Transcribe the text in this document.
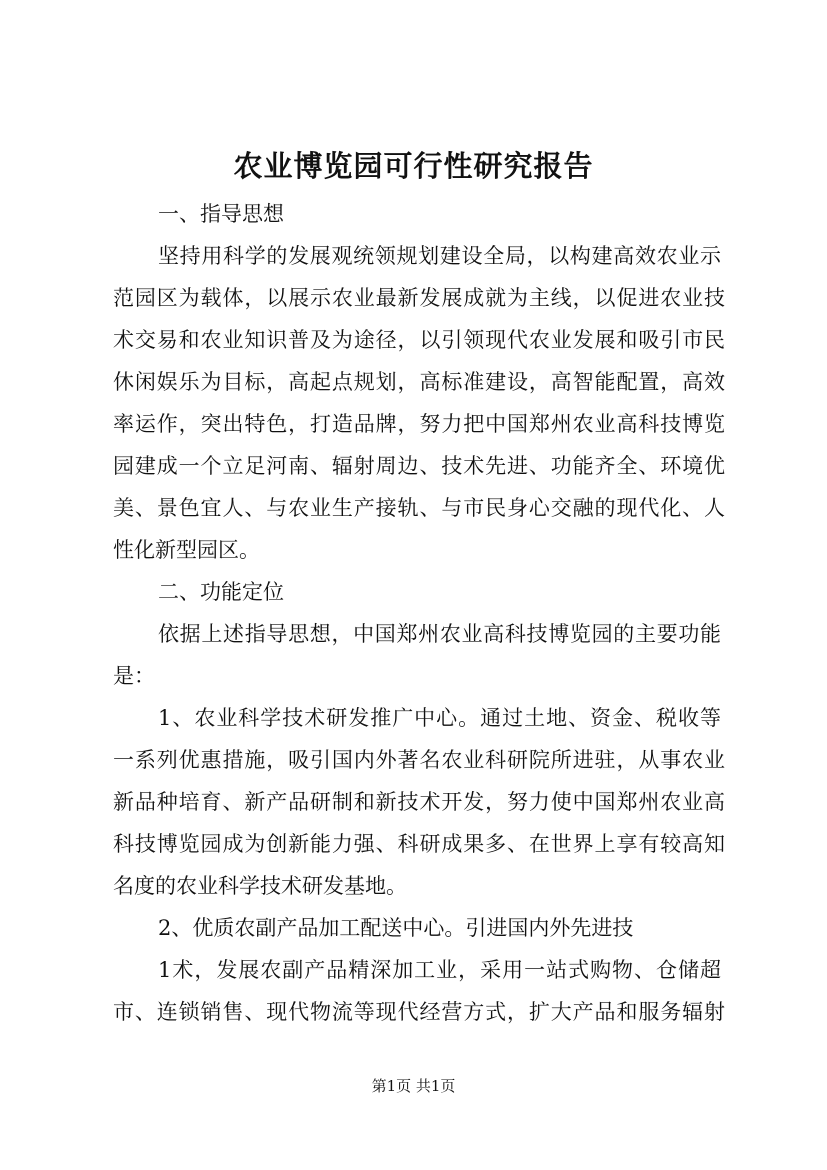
农业博览园可行性研究报告
一、指导思想
坚持用科学的发展观统领规划建设全局，以构建高效农业示
范园区为载体，以展示农业最新发展成就为主线，以促进农业技
术交易和农业知识普及为途径，以引领现代农业发展和吸引市民
休闲娱乐为目标，高起点规划，高标准建设，高智能配置，高效
率运作，突出特色，打造品牌，努力把中国郑州农业高科技博览
园建成一个立足河南、辐射周边、技术先进、功能齐全、环境优
美、景色宜人、与农业生产接轨、与市民身心交融的现代化、人
性化新型园区。
二、功能定位
依据上述指导思想，中国郑州农业高科技博览园的主要功能
是：
1、农业科学技术研发推广中心。通过土地、资金、税收等
一系列优惠措施，吸引国内外著名农业科研院所进驻，从事农业
新品种培育、新产品研制和新技术开发，努力使中国郑州农业高
科技博览园成为创新能力强、科研成果多、在世界上享有较高知
名度的农业科学技术研发基地。
2、优质农副产品加工配送中心。引进国内外先进技
1术，发展农副产品精深加工业，采用一站式购物、仓储超
市、连锁销售、现代物流等现代经营方式，扩大产品和服务辐射
第1页 共1页
